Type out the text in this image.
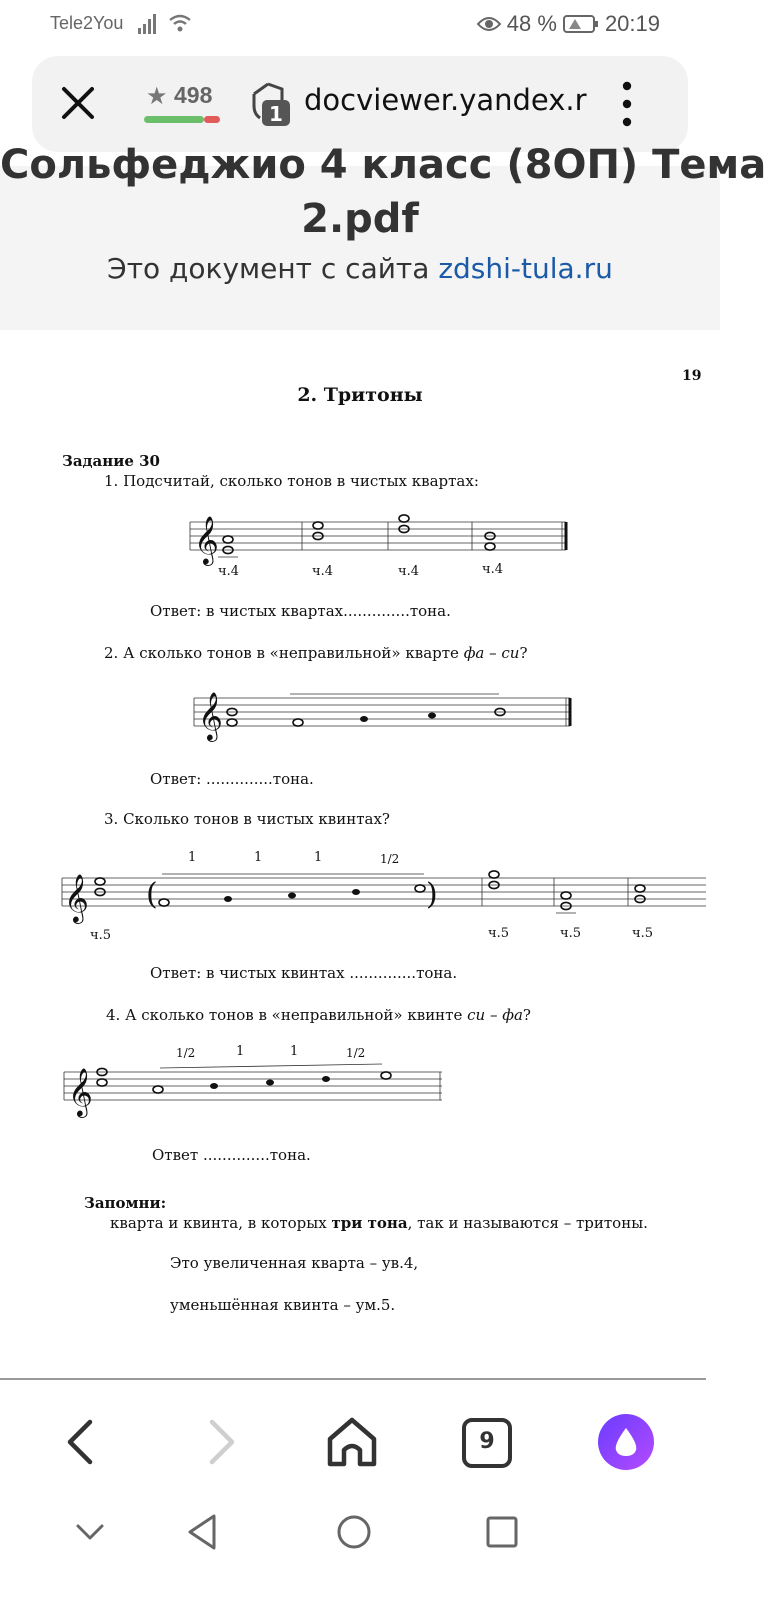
Tele2You	48 % 20:19
★ 498
1 docviewer.yandex.r
Сольфеджио 4 класс (8ОП) Тема
2.pdf
Это документ с сайта zdshi-tula.ru
19
2. Тритоны
Задание 30
1. Подсчитай, сколько тонов в чистых квартах:
𝄞
ч.4	ч.4	ч.4	ч.4
Ответ: в чистых квартах..............тона.
2. А сколько тонов в «неправильной» кварте фа – си?
𝄞
Ответ: ..............тона.
3. Сколько тонов в чистых квинтах?
1	1	1	1/2
𝄞 (	)
ч.5	ч.5	ч.5	ч.5
Ответ: в чистых квинтах ..............тона.
4. А сколько тонов в «неправильной» квинте си – фа?
1/2	1	1	1/2
𝄞
Ответ ..............тона.
Запомни:
кварта и квинта, в которых три тона, так и называются – тритоны.
Это увеличенная кварта – ув.4,
уменьшённая квинта – ум.5.
9
